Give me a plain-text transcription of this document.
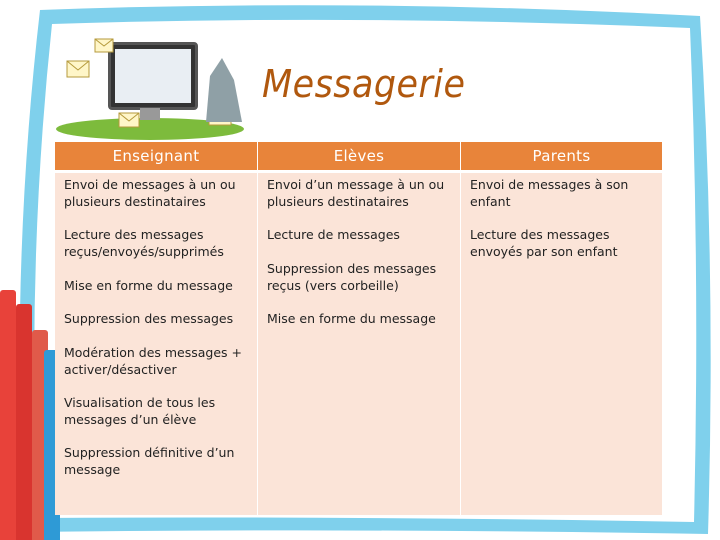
Messagerie
Enseignant
Envoi de messages à un ou plusieurs destinataires
Lecture des messages reçus/envoyés/supprimés
Mise en forme du message
Suppression des messages
Modération des messages + activer/désactiver
Visualisation de tous les messages d’un élève
Suppression définitive d’un message
Elèves
Envoi d’un message à un ou plusieurs destinataires
Lecture de messages
Suppression des messages reçus (vers corbeille)
Mise en forme du message
Parents
Envoi de messages à son enfant
Lecture des messages envoyés par son enfant
